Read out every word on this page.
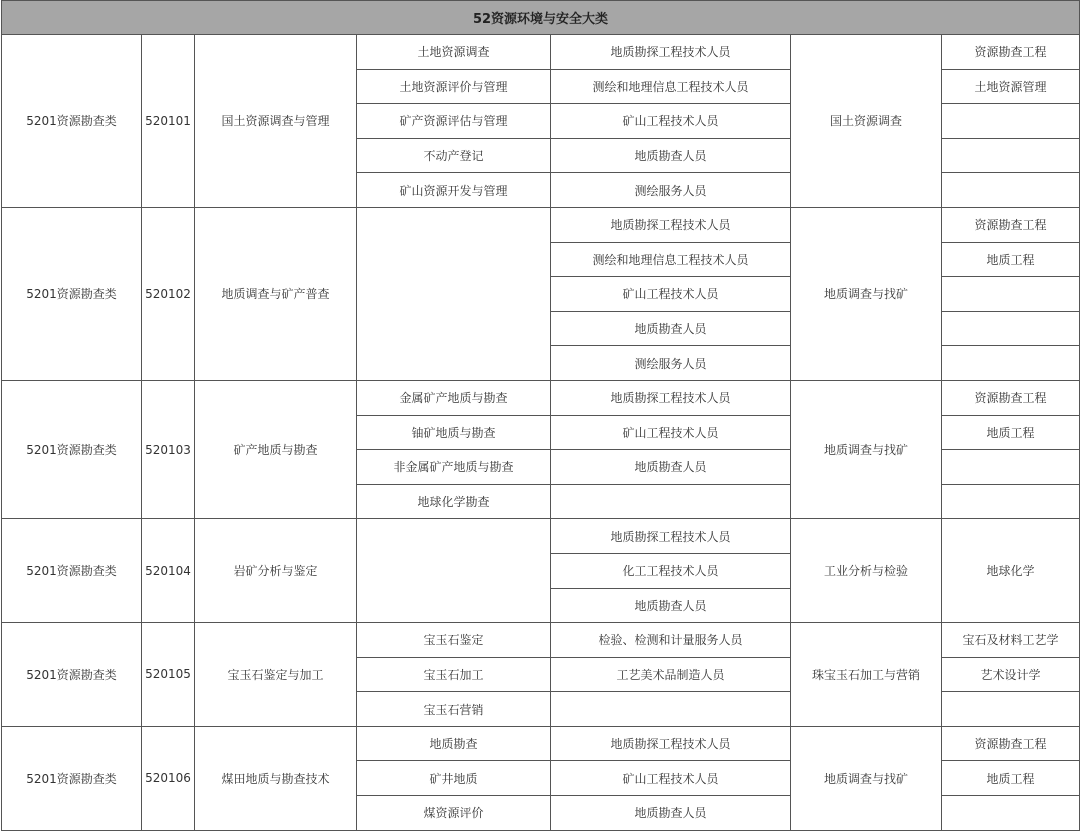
52资源环境与安全大类						
5201资源勘查类	520101	国土资源调查与管理	土地资源调查	地质勘探工程技术人员	国土资源调查	资源勘查工程
			土地资源评价与管理	测绘和地理信息工程技术人员		土地资源管理
			矿产资源评估与管理	矿山工程技术人员		
			不动产登记	地质勘查人员		
			矿山资源开发与管理	测绘服务人员		
5201资源勘查类	520102	地质调查与矿产普查		地质勘探工程技术人员	地质调查与找矿	资源勘查工程
				测绘和地理信息工程技术人员		地质工程
				矿山工程技术人员		
				地质勘查人员		
				测绘服务人员		
5201资源勘查类	520103	矿产地质与勘查	金属矿产地质与勘查	地质勘探工程技术人员	地质调查与找矿	资源勘查工程
			铀矿地质与勘查	矿山工程技术人员		地质工程
			非金属矿产地质与勘查	地质勘查人员		
			地球化学勘查			
5201资源勘查类	520104	岩矿分析与鉴定		地质勘探工程技术人员	工业分析与检验	地球化学
				化工工程技术人员		
				地质勘查人员		
5201资源勘查类	520105	宝玉石鉴定与加工	宝玉石鉴定	检验、检测和计量服务人员	珠宝玉石加工与营销	宝石及材料工艺学
			宝玉石加工	工艺美术品制造人员		艺术设计学
			宝玉石营销			
5201资源勘查类	520106	煤田地质与勘查技术	地质勘查	地质勘探工程技术人员	地质调查与找矿	资源勘查工程
			矿井地质	矿山工程技术人员		地质工程
			煤资源评价	地质勘查人员		
